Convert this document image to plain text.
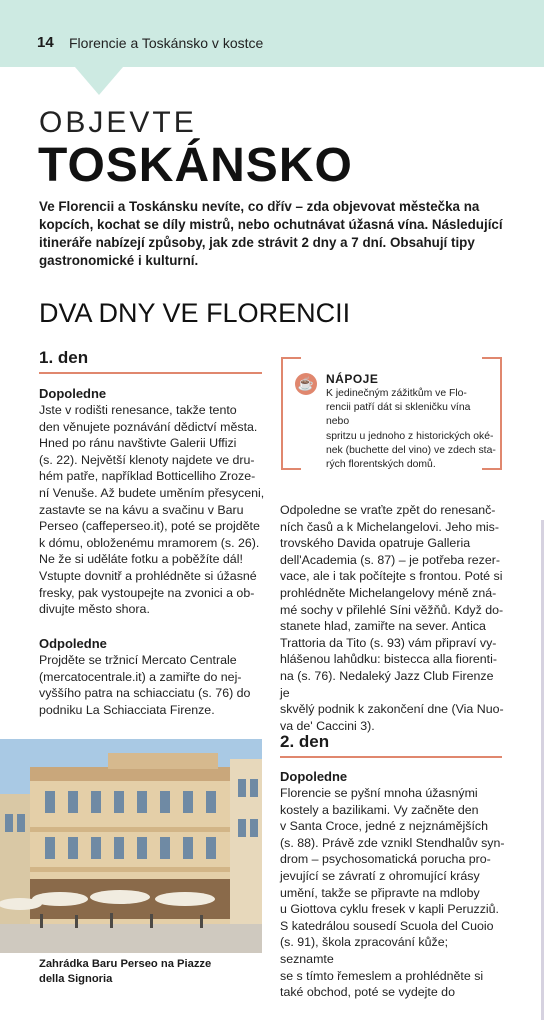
14 Florencie a Toskánsko v kostce
OBJEVTE
TOSKÁNSKO
Ve Florencii a Toskánsku nevíte, co dřív – zda objevovat městečka na kopcích, kochat se díly mistrů, nebo ochutnávat úžasná vína. Následující itineráře nabízejí způsoby, jak zde strávit 2 dny a 7 dní. Obsahují tipy gastronomické i kulturní.
DVA DNY VE FLORENCII
1. den
Dopoledne
Jste v rodišti renesance, takže tento
den věnujete poznávání dědictví města.
Hned po ránu navštivte Galerii Uffizi
(s. 22). Největší klenoty najdete ve dru-
hém patře, například Botticelliho Zroze-
ní Venuše. Až budete uměním přesyceni,
zastavte se na kávu a svačinu v Baru
Perseo (caffeperseo.it), poté se projděte
k dómu, obloženému mramorem (s. 26).
Ne že si uděláte fotku a poběžíte dál!
Vstupte dovnitř a prohlédněte si úžasné
fresky, pak vystoupejte na zvonici a ob-
divujte město shora.
Odpoledne
Projděte se tržnicí Mercato Centrale
(mercatocentrale.it) a zamiřte do nej-
vyššího patra na schiacciatu (s. 76) do
podniku La Schiacciata Firenze.
☕ NÁPOJE
K jedinečným zážitkům ve Flo-
rencii patří dát si skleničku vína nebo
spritzu u jednoho z historických oké-
nek (buchette del vino) ve zdech sta-
rých florentských domů.
Odpoledne se vraťte zpět do renesanč-
ních časů a k Michelangelovi. Jeho mis-
trovského Davida opatruje Galleria
dell'Academia (s. 87) – je potřeba rezer-
vace, ale i tak počítejte s frontou. Poté si
prohlédněte Michelangelovy méně zná-
mé sochy v přilehlé Síni věžňů. Když do-
stanete hlad, zamiřte na sever. Antica
Trattoria da Tito (s. 93) vám připraví vy-
hlášenou lahůdku: bistecca alla fiorenti-
na (s. 76). Nedaleký Jazz Club Firenze je
skvělý podnik k zakončení dne (Via Nuo-
va de' Caccini 3).
2. den
Dopoledne
Florencie se pyšní mnoha úžasnými
kostely a bazilikami. Vy začněte den
v Santa Croce, jedné z nejznámějších
(s. 88). Právě zde vznikl Stendhalův syn-
drom – psychosomatická porucha pro-
jevující se závratí z ohromující krásy
umění, takže se připravte na mdloby
u Giottova cyklu fresek v kapli Peruzziů.
S katedrálou sousedí Scuola del Cuoio
(s. 91), škola zpracování kůže; seznamte
se s tímto řemeslem a prohlédněte si
také obchod, poté se vydejte do
Zahrádka Baru Perseo na Piazze della Signoria
